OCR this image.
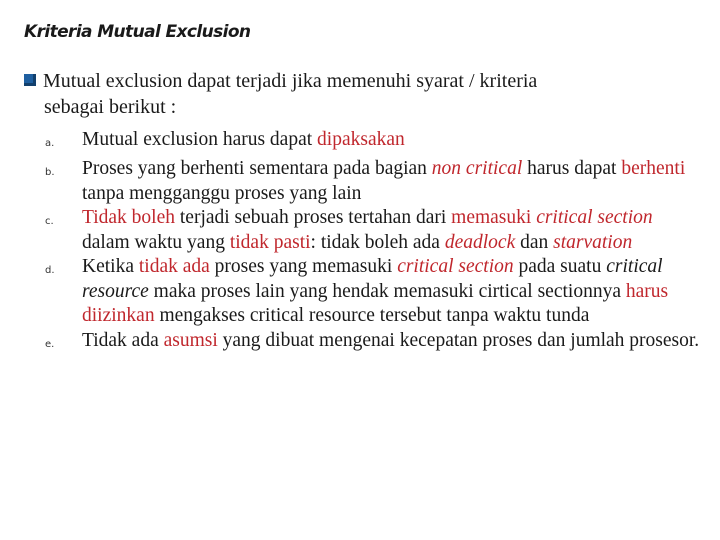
Kriteria Mutual Exclusion
Mutual exclusion dapat terjadi jika memenuhi syarat / kriteria
sebagai berikut :
a.	Mutual exclusion harus dapat dipaksakan
b.	Proses yang berhenti sementara pada bagian non critical harus dapat berhenti tanpa mengganggu proses yang lain
c.	Tidak boleh terjadi sebuah proses tertahan dari memasuki critical section dalam waktu yang tidak pasti: tidak boleh ada deadlock dan starvation
d.	Ketika tidak ada proses yang memasuki critical section pada suatu critical resource maka proses lain yang hendak memasuki cirtical sectionnya harus diizinkan mengakses critical resource tersebut tanpa waktu tunda
e.	Tidak ada asumsi yang dibuat mengenai kecepatan proses dan jumlah prosesor.
